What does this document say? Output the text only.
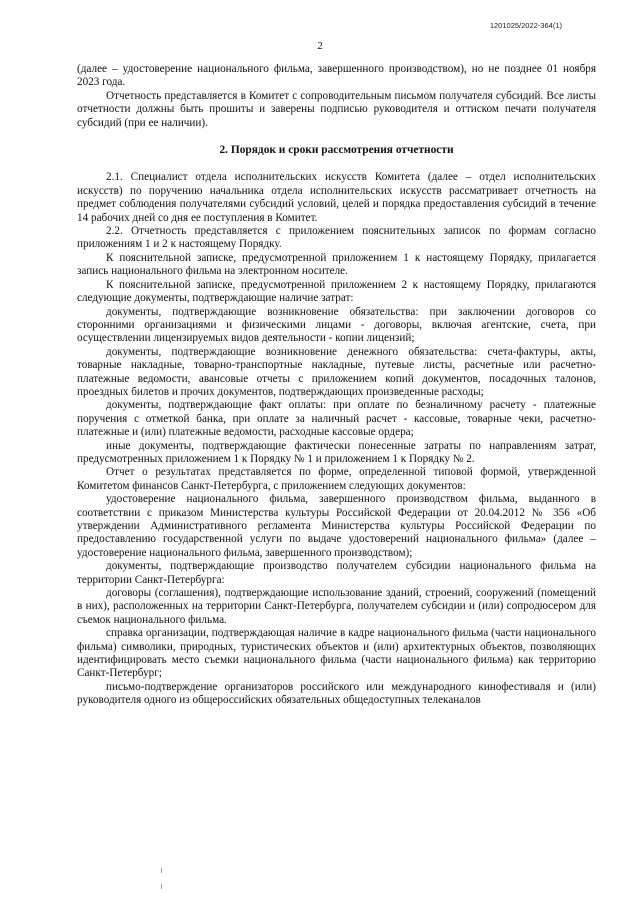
1201025/2022-364(1)
2

(далее – удостоверение национального фильма, завершенного производством), но не позднее 01 ноября 2023 года.

Отчетность представляется в Комитет с сопроводительным письмом получателя субсидий. Все листы отчетности должны быть прошиты и заверены подписью руководителя и оттиском печати получателя субсидий (при ее наличии).

2. Порядок и сроки рассмотрения отчетности

2.1. Специалист отдела исполнительских искусств Комитета (далее – отдел исполнительских искусств) по поручению начальника отдела исполнительских искусств рассматривает отчетность на предмет соблюдения получателями субсидий условий, целей и порядка предоставления субсидий в течение 14 рабочих дней со дня ее поступления в Комитет.

2.2. Отчетность представляется с приложением пояснительных записок по формам согласно приложениям 1 и 2 к настоящему Порядку.

К пояснительной записке, предусмотренной приложением 1 к настоящему Порядку, прилагается запись национального фильма на электронном носителе.

К пояснительной записке, предусмотренной приложением 2 к настоящему Порядку, прилагаются следующие документы, подтверждающие наличие затрат:

документы, подтверждающие возникновение обязательства: при заключении договоров со сторонними организациями и физическими лицами - договоры, включая агентские, счета, при осуществлении лицензируемых видов деятельности - копии лицензий;

документы, подтверждающие возникновение денежного обязательства: счета-фактуры, акты, товарные накладные, товарно-транспортные накладные, путевые листы, расчетные или расчетно-платежные ведомости, авансовые отчеты с приложением копий документов, посадочных талонов, проездных билетов и прочих документов, подтверждающих произведенные расходы;

документы, подтверждающие факт оплаты: при оплате по безналичному расчету - платежные поручения с отметкой банка, при оплате за наличный расчет - кассовые, товарные чеки, расчетно-платежные и (или) платежные ведомости, расходные кассовые ордера;

иные документы, подтверждающие фактически понесенные затраты по направлениям затрат, предусмотренных приложением 1 к Порядку № 1 и приложением 1 к Порядку № 2.

Отчет о результатах представляется по форме, определенной типовой формой, утвержденной Комитетом финансов Санкт-Петербурга, с приложением следующих документов:

удостоверение национального фильма, завершенного производством фильма, выданного в соответствии с приказом Министерства культуры Российской Федерации от 20.04.2012 № 356 «Об утверждении Административного регламента Министерства культуры Российской Федерации по предоставлению государственной услуги по выдаче удостоверений национального фильма» (далее – удостоверение национального фильма, завершенного производством);

документы, подтверждающие производство получателем субсидии национального фильма на территории Санкт-Петербурга:

договоры (соглашения), подтверждающие использование зданий, строений, сооружений (помещений в них), расположенных на территории Санкт-Петербурга, получателем субсидии и (или) сопродюсером для съемок национального фильма.

справка организации, подтверждающая наличие в кадре национального фильма (части национального фильма) символики, природных, туристических объектов и (или) архитектурных объектов, позволяющих идентифицировать место съемки национального фильма (части национального фильма) как территорию Санкт-Петербург;

письмо-подтверждение организаторов российского или международного кинофестиваля и (или) руководителя одного из общероссийских обязательных общедоступных телеканалов
